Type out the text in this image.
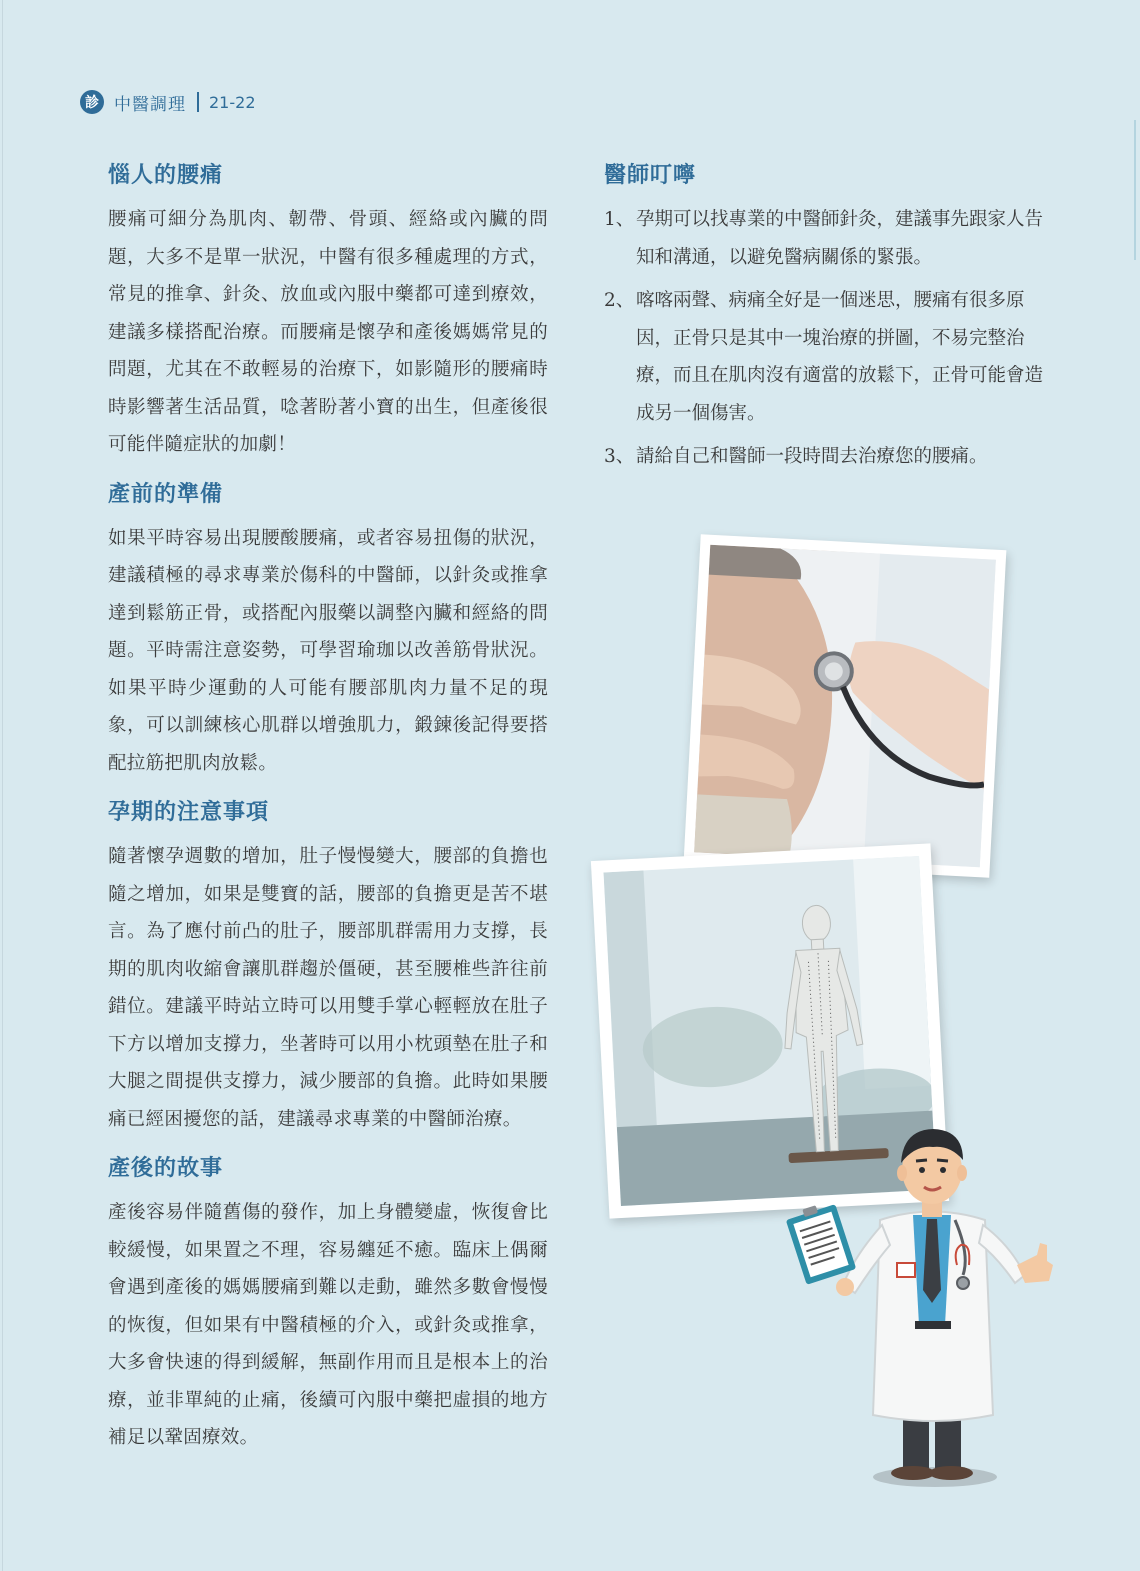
診 中醫調理 21-22
惱人的腰痛

腰痛可細分為肌肉、韌帶、骨頭、經絡或內臟的問題，大多不是單一狀況，中醫有很多種處理的方式，常見的推拿、針灸、放血或內服中藥都可達到療效，建議多樣搭配治療。而腰痛是懷孕和產後媽媽常見的問題，尤其在不敢輕易的治療下，如影隨形的腰痛時時影響著生活品質，唸著盼著小寶的出生，但產後很可能伴隨症狀的加劇！

產前的準備

如果平時容易出現腰酸腰痛，或者容易扭傷的狀況，建議積極的尋求專業於傷科的中醫師，以針灸或推拿達到鬆筋正骨，或搭配內服藥以調整內臟和經絡的問題。平時需注意姿勢，可學習瑜珈以改善筋骨狀況。如果平時少運動的人可能有腰部肌肉力量不足的現象，可以訓練核心肌群以增強肌力，鍛鍊後記得要搭配拉筋把肌肉放鬆。

孕期的注意事項

隨著懷孕週數的增加，肚子慢慢變大，腰部的負擔也隨之增加，如果是雙寶的話，腰部的負擔更是苦不堪言。為了應付前凸的肚子，腰部肌群需用力支撐，長期的肌肉收縮會讓肌群趨於僵硬，甚至腰椎些許往前錯位。建議平時站立時可以用雙手掌心輕輕放在肚子下方以增加支撐力，坐著時可以用小枕頭墊在肚子和大腿之間提供支撐力，減少腰部的負擔。此時如果腰痛已經困擾您的話，建議尋求專業的中醫師治療。

產後的故事

產後容易伴隨舊傷的發作，加上身體變虛，恢復會比較緩慢，如果置之不理，容易纏延不癒。臨床上偶爾會遇到產後的媽媽腰痛到難以走動，雖然多數會慢慢的恢復，但如果有中醫積極的介入，或針灸或推拿，大多會快速的得到緩解，無副作用而且是根本上的治療，並非單純的止痛，後續可內服中藥把虛損的地方補足以鞏固療效。

醫師叮嚀
1、 孕期可以找專業的中醫師針灸，建議事先跟家人告知和溝通，以避免醫病關係的緊張。
2、 喀喀兩聲、病痛全好是一個迷思，腰痛有很多原因，正骨只是其中一塊治療的拼圖，不易完整治療，而且在肌肉沒有適當的放鬆下，正骨可能會造成另一個傷害。
3、 請給自己和醫師一段時間去治療您的腰痛。
